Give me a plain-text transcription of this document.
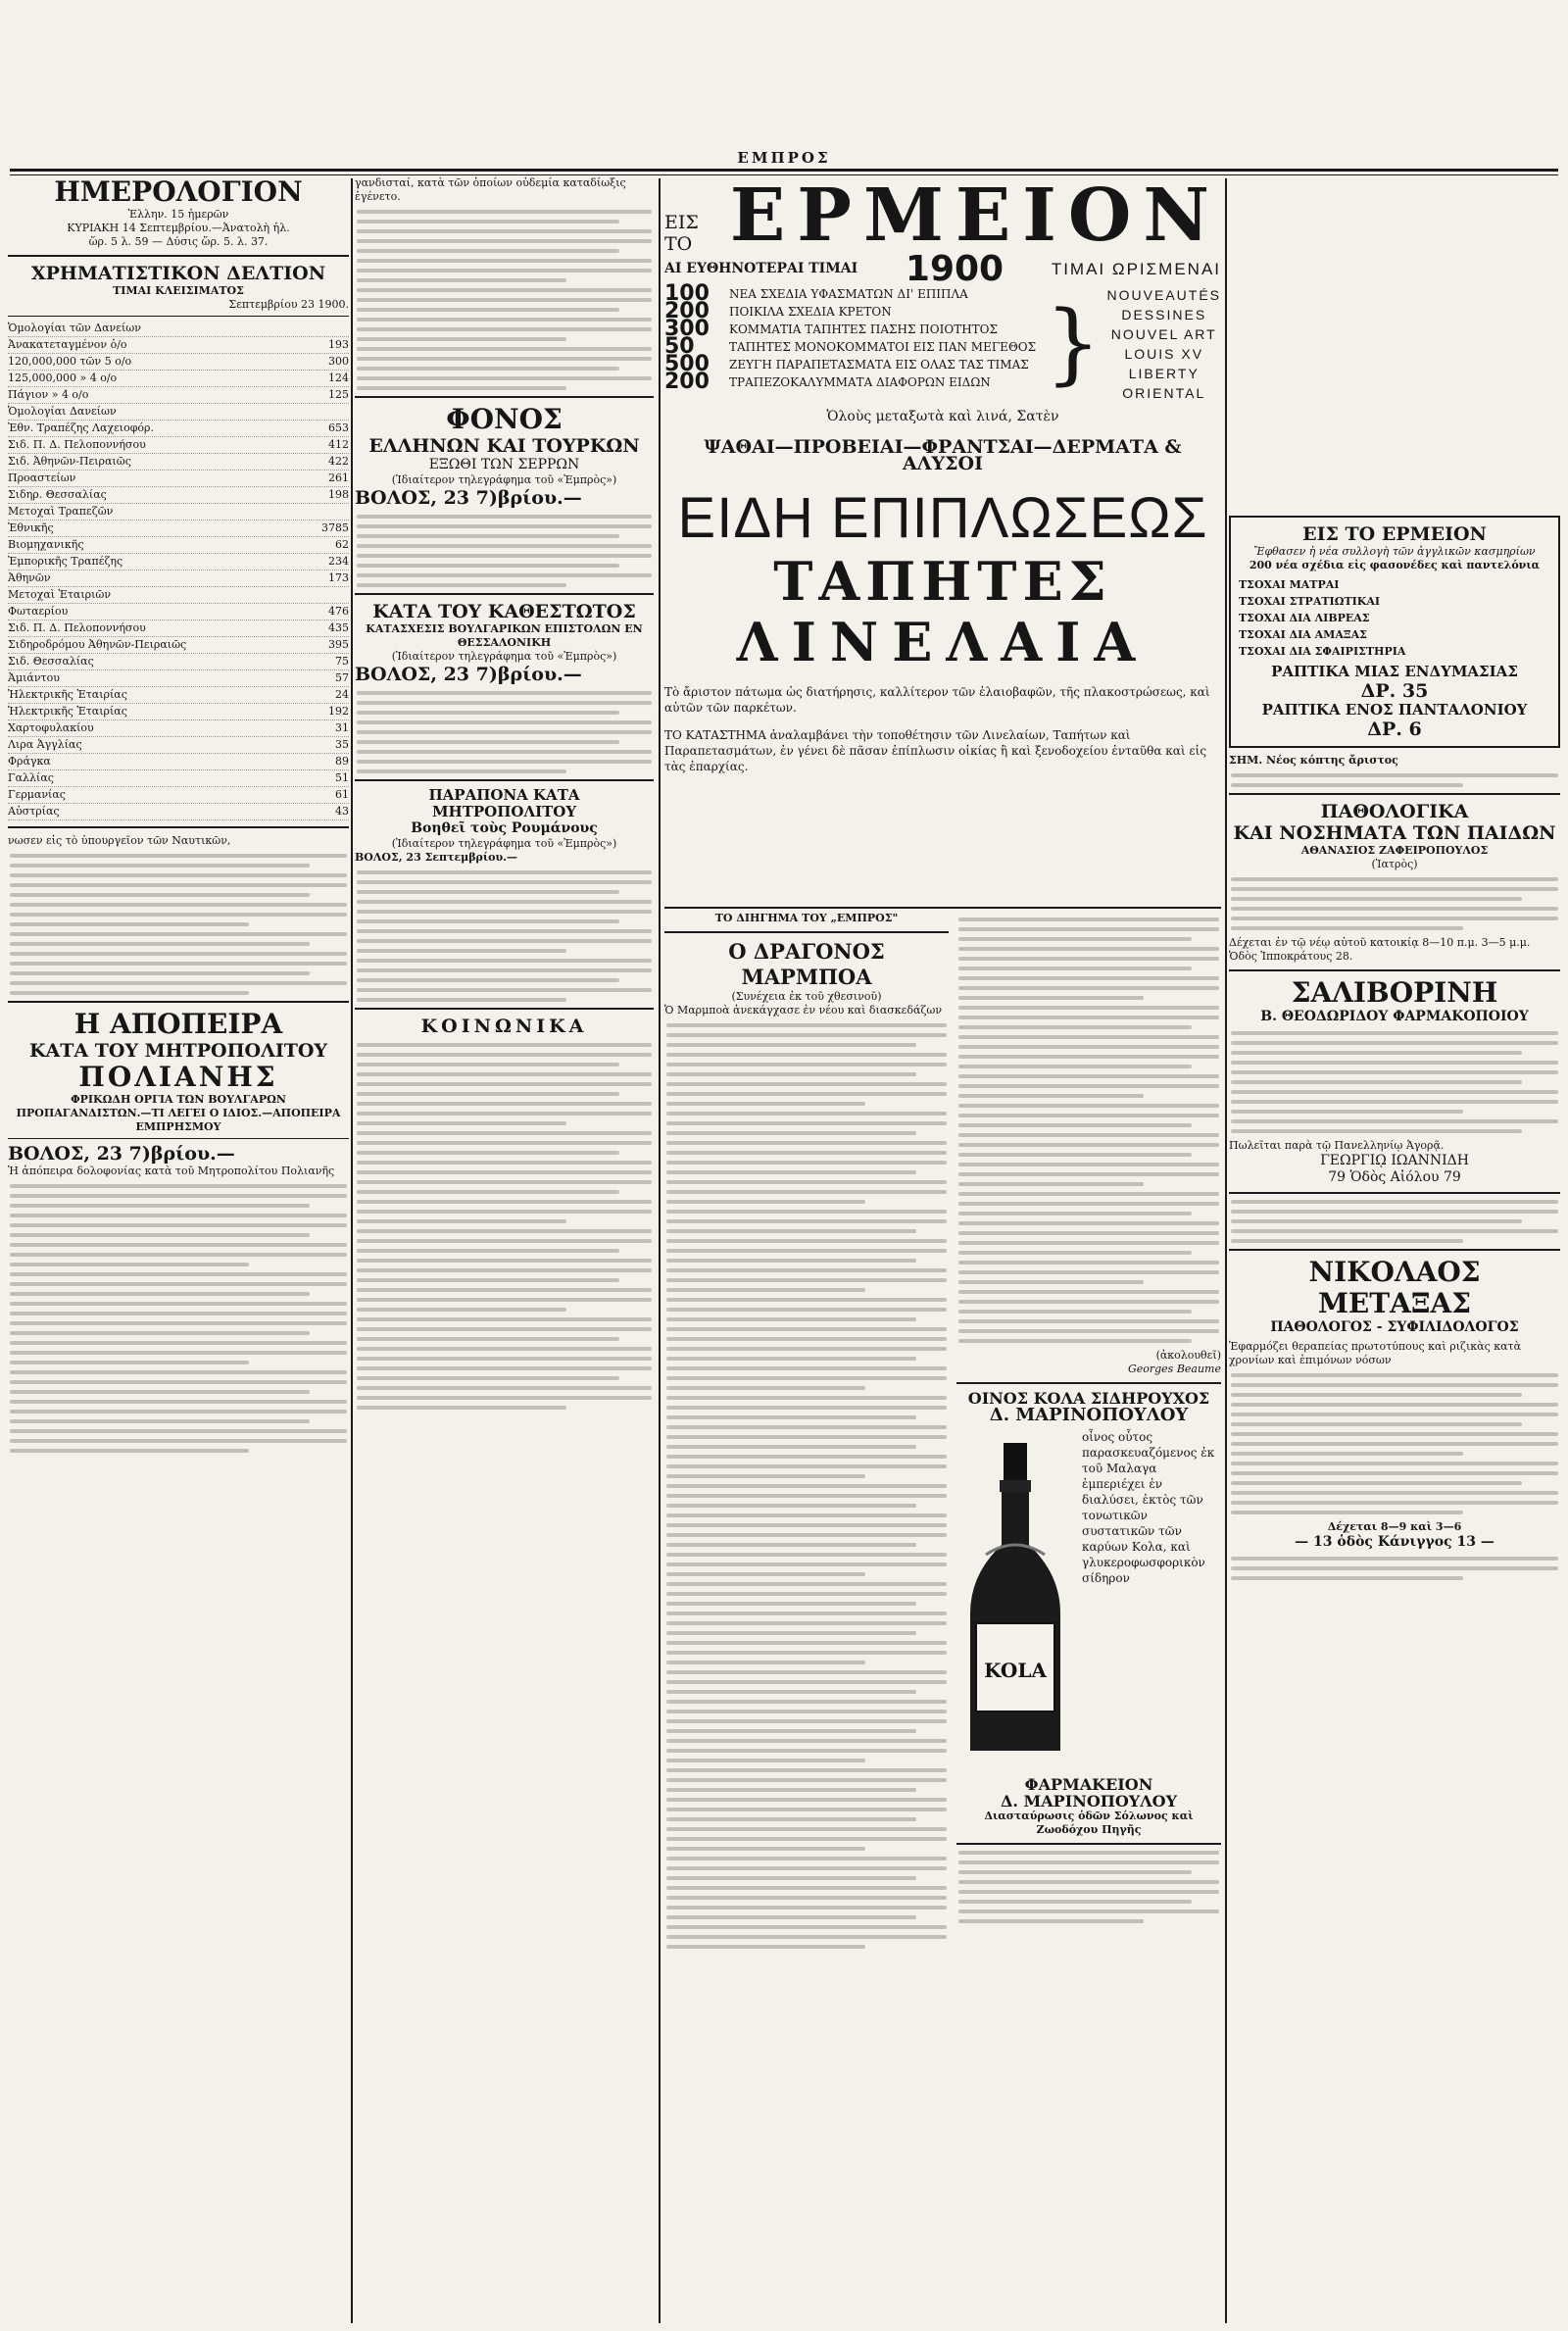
ΕΜΠΡΟΣ
ΗΜΕΡΟΛΟΓΙΟΝ
Ἐλλην. 15 ἡμερῶν
ΚΥΡΙΑΚΗ 14 Σεπτεμβρίου.—Ἀνατολὴ ἡλ.
ὥρ. 5 λ. 59 — Δύσις ὥρ. 5. λ. 37.
ΧΡΗΜΑΤΙΣΤΙΚΟΝ ΔΕΛΤΙΟΝ
ΤΙΜΑΙ ΚΛΕΙΣΙΜΑΤΟΣ
Σεπτεμβρίου 23 1900.
Ὁμολογίαι τῶν Δανείων
Ἀνακατεταγμένον ὁ/ο	193
120,000,000 τῶν 5 ο/ο	300
125,000,000 » 4 ο/ο	124
Πάγιον » 4 ο/ο	125
Ὁμολογίαι Δανείων
Ἐθν. Τραπέζης Λαχειοφόρ.	653
Σιδ. Π. Δ. Πελοποννήσου	412
Σιδ. Ἀθηνῶν-Πειραιῶς	422
Προαστείων	261
Σιδηρ. Θεσσαλίας	198
Μετοχαὶ Τραπεζῶν
Ἐθνικῆς	3785
Βιομηχανικῆς	62
Ἐμπορικῆς Τραπέζης	234
Ἀθηνῶν	173
Μετοχαὶ Ἑταιριῶν
Φωταερίου	476
Σιδ. Π. Δ. Πελοποννήσου	435
Σιδηροδρόμου Ἀθηνῶν-Πειραιῶς	395
Σιδ. Θεσσαλίας	75
Ἀμιάντου	57
Ἡλεκτρικῆς Ἑταιρίας	24
Ἡλεκτρικῆς Ἑταιρίας	192
Χαρτοφυλακίου	31
Λιρα Ἀγγλίας	35
Φράγκα	89
Γαλλίας	51
Γερμανίας	61
Αὐστρίας	43
νωσεν εἰς τὸ ὑπουργεῖον τῶν Ναυτικῶν,
Η ΑΠΟΠΕΙΡΑ
ΚΑΤΑ ΤΟΥ ΜΗΤΡΟΠΟΛΙΤΟΥ
ΠΟΛΙΑΝΗΣ
ΦΡΙΚΩΔΗ ΟΡΓΙΑ ΤΩΝ ΒΟΥΛΓΑΡΩΝ ΠΡΟΠΑΓΑΝΔΙΣΤΩΝ.—ΤΙ ΛΕΓΕΙ Ο ΙΔΙΟΣ.—ΑΠΟΠΕΙΡΑ ΕΜΠΡΗΣΜΟΥ
ΒΟΛΟΣ, 23 7)βρίου.—
Ἡ ἀπόπειρα δολοφονίας κατὰ τοῦ Μητροπολίτου Πολιανῆς
γανδισταί, κατὰ τῶν ὁποίων οὐδεμία καταδίωξις ἐγένετο.
ΦΟΝΟΣ
ΕΛΛΗΝΩΝ ΚΑΙ ΤΟΥΡΚΩΝ
ΕΞΩΘΙ ΤΩΝ ΣΕΡΡΩΝ
(Ἰδιαίτερον τηλεγράφημα τοῦ «Ἐμπρὸς»)
ΒΟΛΟΣ, 23 7)βρίου.—
ΚΑΤΑ ΤΟΥ ΚΑΘΕΣΤΩΤΟΣ
ΚΑΤΑΣΧΕΣΙΣ ΒΟΥΛΓΑΡΙΚΩΝ ΕΠΙΣΤΟΛΩΝ ΕΝ ΘΕΣΣΑΛΟΝΙΚΗ
(Ἰδιαίτερον τηλεγράφημα τοῦ «Ἐμπρὸς»)
ΒΟΛΟΣ, 23 7)βρίου.—
ΠΑΡΑΠΟΝΑ ΚΑΤΑ ΜΗΤΡΟΠΟΛΙΤΟΥ
Βοηθεῖ τοὺς Ρουμάνους
(Ἰδιαίτερον τηλεγράφημα τοῦ «Ἐμπρὸς»)
ΒΟΛΟΣ, 23 Σεπτεμβρίου.—
ΚΟΙΝΩΝΙΚΑ
ΕΙΣ ΤΟ ΕΡΜΕΙΟΝ
ΑΙ ΕΥΘΗΝΟΤΕΡΑΙ ΤΙΜΑΙ 1900	ΤΙΜΑΙ ΩΡΙΣΜΕΝΑΙ
100	ΝΕΑ ΣΧΕΔΙΑ ΥΦΑΣΜΑΤΩΝ ΔΙ' ΕΠΙΠΛΑ
200	ΠΟΙΚΙΛΑ ΣΧΕΔΙΑ ΚΡΕΤΟΝ
300	ΚΟΜΜΑΤΙΑ ΤΑΠΗΤΕΣ ΠΑΣΗΣ ΠΟΙΟΤΗΤΟΣ
50	ΤΑΠΗΤΕΣ ΜΟΝΟΚΟΜΜΑΤΟΙ ΕΙΣ ΠΑΝ ΜΕΓΕΘΟΣ
500	ΖΕΥΓΗ ΠΑΡΑΠΕΤΑΣΜΑΤΑ ΕΙΣ ΟΛΑΣ ΤΑΣ ΤΙΜΑΣ
200	ΤΡΑΠΕΖΟΚΑΛΥΜΜΑΤΑ ΔΙΑΦΟΡΩΝ ΕΙΔΩΝ } NOUVEAUTÉS
DESSINES
NOUVEL ART
LOUIS XV
LIBERTY
ORIENTAL
Ὁλοὺς μεταξωτὰ καὶ λινά, Σατὲν
ΨΑΘΑΙ—ΠΡΟΒΕΙΑΙ—ΦΡΑΝΤΣΑΙ—ΔΕΡΜΑΤΑ & ΑΛΥΣΟΙ
ΕΙΔΗ ΕΠΙΠΛΩΣΕΩΣ
ΤΑΠΗΤΕΣ
ΛΙΝΕΛΑΙΑ
Τὸ ἄριστον πάτωμα ὡς διατήρησις, καλλίτερον τῶν ἐλαιοβαφῶν, τῆς πλακοστρώσεως, καὶ αὐτῶν τῶν παρκέτων.
ΤΟ ΚΑΤΑΣΤΗΜΑ ἀναλαμβάνει τὴν τοποθέτησιν τῶν Λινελαίων, Ταπήτων καὶ Παραπετασμάτων, ἐν γένει δὲ πᾶσαν ἐπίπλωσιν οἰκίας ἢ καὶ ξενοδοχείου ἐνταῦθα καὶ εἰς τὰς ἐπαρχίας.
ΤΟ ΔΙΗΓΗΜΑ ΤΟΥ „ΕΜΠΡΟΣ"
Ο ΔΡΑΓΟΝΟΣ ΜΑΡΜΠΟΑ
(Συνέχεια ἐκ τοῦ χθεσινοῦ)
Ὁ Μαρμποὰ ἀνεκάγχασε ἐν νέου καὶ διασκεδάζων
(ἀκολουθεῖ)
Georges Beaume
ΟΙΝΟΣ ΚΟΛΑ ΣΙΔΗΡΟΥΧΟΣ
Δ. ΜΑΡΙΝΟΠΟΥΛΟΥ
KOLA
οἶνος οὗτος παρασκευαζόμενος ἐκ τοῦ Μαλαγα ἐμπεριέχει ἐν διαλύσει, ἐκτὸς τῶν τονωτικῶν συστατικῶν τῶν καρύων Κολα, καὶ γλυκεροφωσφορικὸν σίδηρον
ΦΑΡΜΑΚΕΙΟΝ
Δ. ΜΑΡΙΝΟΠΟΥΛΟΥ
Διασταύρωσις ὁδῶν Σόλωνος καὶ Ζωοδόχου Πηγῆς
ΕΙΣ ΤΟ ΕΡΜΕΙΟΝ
Ἔφθασεν ἡ νέα συλλογὴ τῶν ἀγγλικῶν κασμηρίων
200 νέα σχέδια εἰς φασονέδες καὶ παντελόνια
ΤΣΟΧΑΙ ΜΑΤΡΑΙ
ΤΣΟΧΑΙ ΣΤΡΑΤΙΩΤΙΚΑΙ
ΤΣΟΧΑΙ ΔΙΑ ΛΙΒΡΕΑΣ
ΤΣΟΧΑΙ ΔΙΑ ΑΜΑΞΑΣ
ΤΣΟΧΑΙ ΔΙΑ ΣΦΑΙΡΙΣΤΗΡΙΑ
ΡΑΠΤΙΚΑ ΜΙΑΣ ΕΝΔΥΜΑΣΙΑΣ
ΔΡ. 35
ΡΑΠΤΙΚΑ ΕΝΟΣ ΠΑΝΤΑΛΟΝΙΟΥ
ΔΡ. 6
ΣΗΜ. Νέος κόπτης ἄριστος
ΠΑΘΟΛΟΓΙΚΑ
ΚΑΙ ΝΟΣΗΜΑΤΑ ΤΩΝ ΠΑΙΔΩΝ
ΑΘΑΝΑΣΙΟΣ ΖΑΦΕΙΡΟΠΟΥΛΟΣ
(Ἰατρὸς)
Δέχεται ἐν τῷ νέῳ αὐτοῦ κατοικίᾳ 8—10 π.μ. 3—5 μ.μ. Ὁδὸς Ἱπποκράτους 28.
ΣΑΛΙΒΟΡΙΝΗ
Β. ΘΕΟΔΩΡΙΔΟΥ ΦΑΡΜΑΚΟΠΟΙΟΥ
Πωλεῖται παρὰ τῷ Πανελληνίῳ Ἀγορᾷ.
ΓΕΩΡΓΙῼ ΙΩΑΝΝΙΔΗ
79 Ὁδὸς Αἰόλου 79
ΝΙΚΟΛΑΟΣ ΜΕΤΑΞΑΣ
ΠΑΘΟΛΟΓΟΣ - ΣΥΦΙΛΙΔΟΛΟΓΟΣ
Ἐφαρμόζει θεραπείας πρωτοτύπους καὶ ριζικὰς κατὰ χρονίων καὶ ἐπιμόνων νόσων
Δέχεται 8—9 καὶ 3—6
— 13 ὁδὸς Κάνιγγος 13 —
